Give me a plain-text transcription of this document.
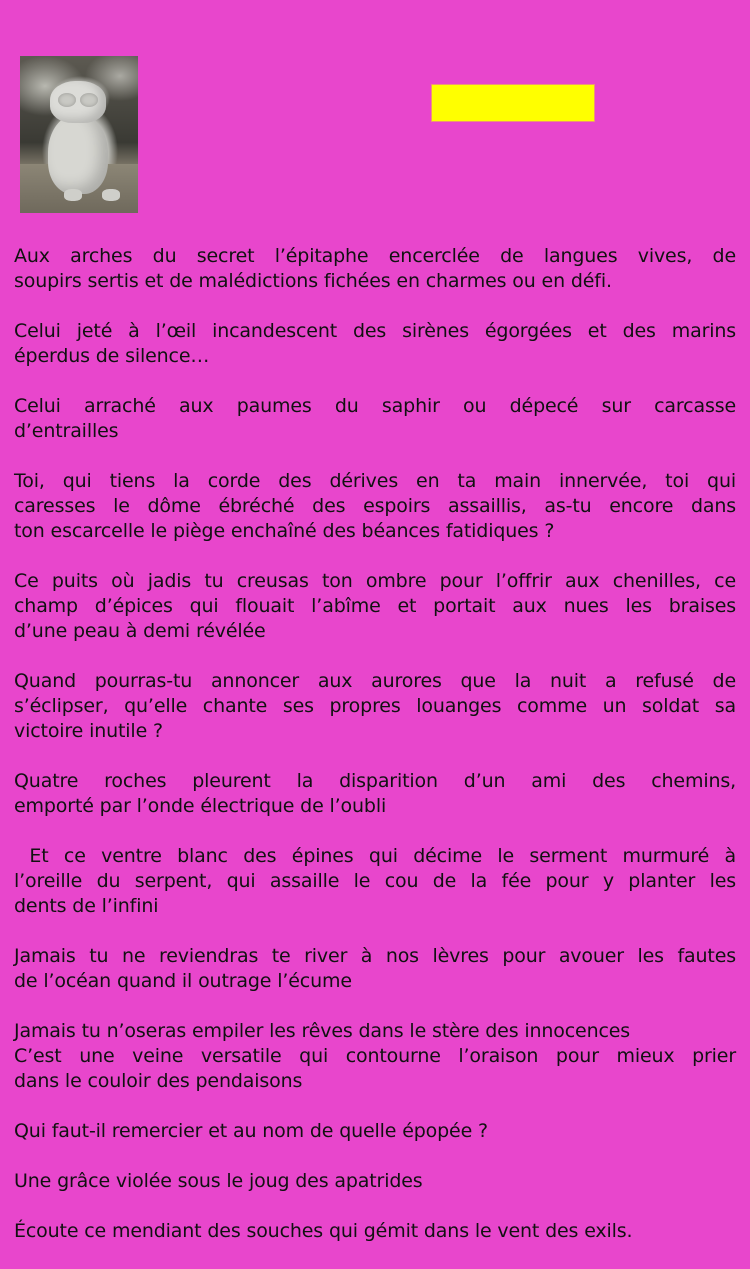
Aux arches du secret l’épitaphe encerclée de langues vives, de
soupirs sertis et de malédictions fichées en charmes ou en défi.

Celui jeté à l’œil incandescent des sirènes égorgées et des marins
éperdus de silence…

Celui arraché aux paumes du saphir ou dépecé sur carcasse
d’entrailles

Toi, qui tiens la corde des dérives en ta main innervée, toi qui
caresses le dôme ébréché des espoirs assaillis, as-tu encore dans
ton escarcelle le piège enchaîné des béances fatidiques ?

Ce puits où jadis tu creusas ton ombre pour l’offrir aux chenilles, ce
champ d’épices qui flouait l’abîme et portait aux nues les braises
d’une peau à demi révélée

Quand pourras-tu annoncer aux aurores que la nuit a refusé de
s’éclipser, qu’elle chante ses propres louanges comme un soldat sa
victoire inutile ?

Quatre roches pleurent la disparition d’un ami des chemins,
emporté par l’onde électrique de l’oubli

Et ce ventre blanc des épines qui décime le serment murmuré à
l’oreille du serpent, qui assaille le cou de la fée pour y planter les
dents de l’infini

Jamais tu ne reviendras te river à nos lèvres pour avouer les fautes
de l’océan quand il outrage l’écume

Jamais tu n’oseras empiler les rêves dans le stère des innocences
C’est une veine versatile qui contourne l’oraison pour mieux prier
dans le couloir des pendaisons

Qui faut-il remercier et au nom de quelle épopée ?

Une grâce violée sous le joug des apatrides

Écoute ce mendiant des souches qui gémit dans le vent des exils.
